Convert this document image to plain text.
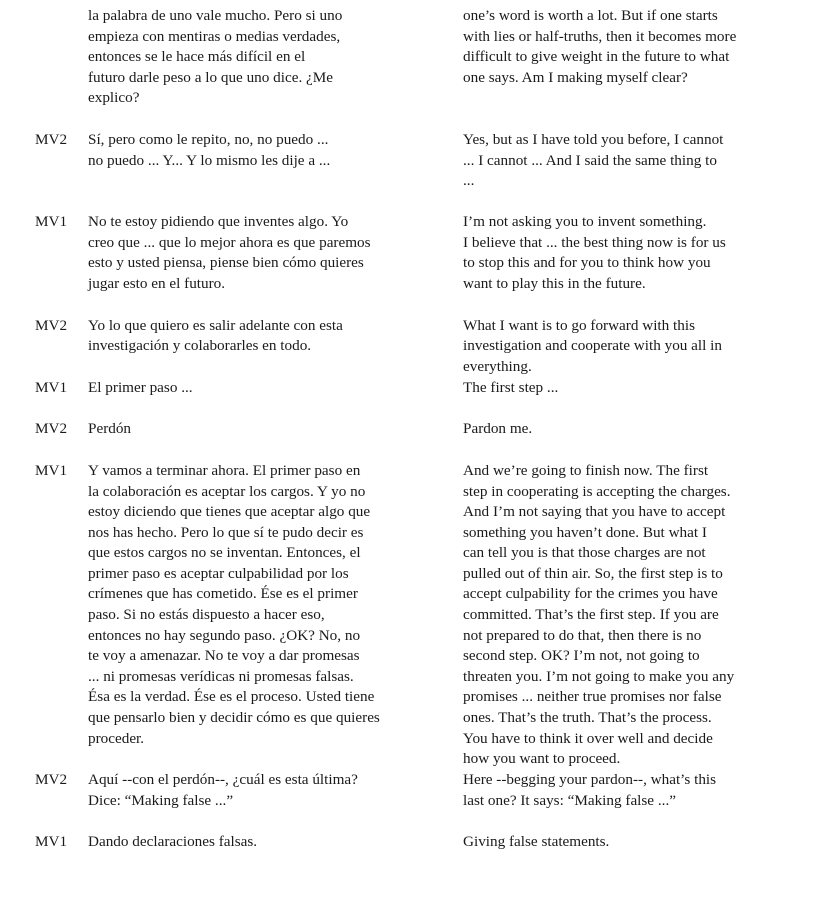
la palabra de uno vale mucho. Pero si uno
empieza con mentiras o medias verdades,
entonces se le hace más difícil en el
futuro darle peso a lo que uno dice. ¿Me
explico?
one’s word is worth a lot. But if one starts
with lies or half-truths, then it becomes more
difficult to give weight in the future to what
one says. Am I making myself clear?
MV2	Sí, pero como le repito, no, no puedo ...
no puedo ... Y... Y lo mismo les dije a ...
Yes, but as I have told you before, I cannot
... I cannot ... And I said the same thing to
...
MV1	No te estoy pidiendo que inventes algo. Yo
creo que ... que lo mejor ahora es que paremos
esto y usted piensa, piense bien cómo quieres
jugar esto en el futuro.
I’m not asking you to invent something.
I believe that ... the best thing now is for us
to stop this and for you to think how you
want to play this in the future.
MV2	Yo lo que quiero es salir adelante con esta
investigación y colaborarles en todo.
What I want is to go forward with this
investigation and cooperate with you all in
everything.
MV1	El primer paso ...	The first step ...
MV2	Perdón	Pardon me.
MV1	Y vamos a terminar ahora. El primer paso en
la colaboración es aceptar los cargos. Y yo no
estoy diciendo que tienes que aceptar algo que
nos has hecho. Pero lo que sí te pudo decir es
que estos cargos no se inventan. Entonces, el
primer paso es aceptar culpabilidad por los
crímenes que has cometido. Ése es el primer
paso. Si no estás dispuesto a hacer eso,
entonces no hay segundo paso. ¿OK? No, no
te voy a amenazar. No te voy a dar promesas
... ni promesas verídicas ni promesas falsas.
Ésa es la verdad. Ése es el proceso. Usted tiene
que pensarlo bien y decidir cómo es que quieres
proceder.
And we’re going to finish now. The first
step in cooperating is accepting the charges.
And I’m not saying that you have to accept
something you haven’t done. But what I
can tell you is that those charges are not
pulled out of thin air. So, the first step is to
accept culpability for the crimes you have
committed. That’s the first step. If you are
not prepared to do that, then there is no
second step. OK? I’m not, not going to
threaten you. I’m not going to make you any
promises ... neither true promises nor false
ones. That’s the truth. That’s the process.
You have to think it over well and decide
how you want to proceed.
MV2	Aquí --con el perdón--, ¿cuál es esta última?
Dice: “Making false ...”
Here --begging your pardon--, what’s this
last one? It says: “Making false ...”
MV1	Dando declaraciones falsas.	Giving false statements.
